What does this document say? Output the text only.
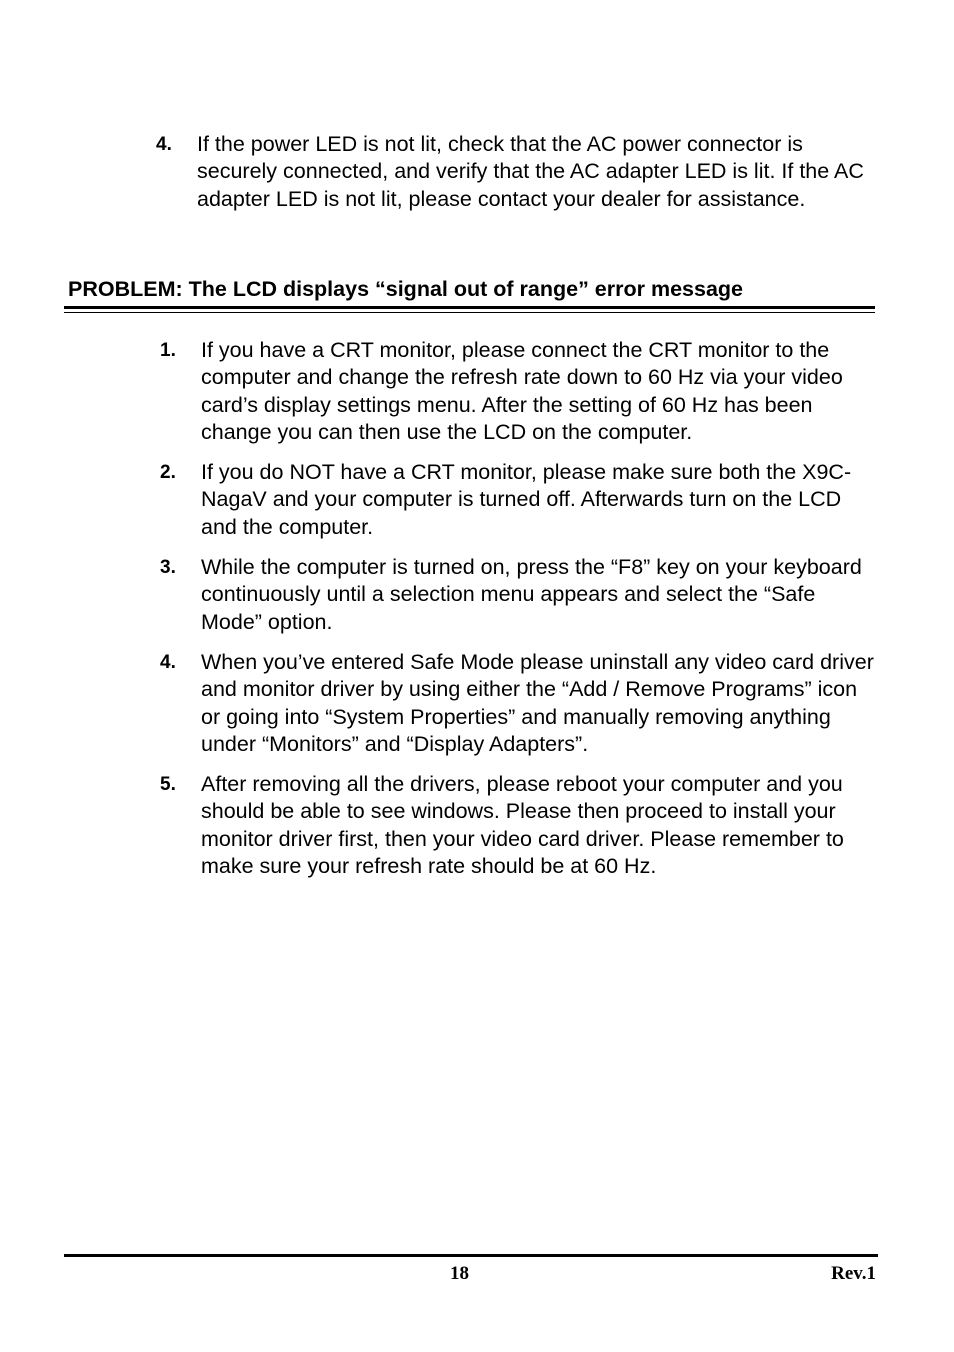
4. If the power LED is not lit, check that the AC power connector is securely connected, and verify that the AC adapter LED is lit. If the AC adapter LED is not lit, please contact your dealer for assistance.
PROBLEM: The LCD displays “signal out of range” error message
1. If you have a CRT monitor, please connect the CRT monitor to the computer and change the refresh rate down to 60 Hz via your video card’s display settings menu. After the setting of 60 Hz has been change you can then use the LCD on the computer.
2. If you do NOT have a CRT monitor, please make sure both the X9C-NagaV and your computer is turned off. Afterwards turn on the LCD and the computer.
3. While the computer is turned on, press the “F8” key on your keyboard continuously until a selection menu appears and select the “Safe Mode” option.
4. When you’ve entered Safe Mode please uninstall any video card driver and monitor driver by using either the “Add / Remove Programs” icon or going into “System Properties” and manually removing anything under “Monitors” and “Display Adapters”.
5. After removing all the drivers, please reboot your computer and you should be able to see windows. Please then proceed to install your monitor driver first, then your video card driver. Please remember to make sure your refresh rate should be at 60 Hz.
18	Rev.1
